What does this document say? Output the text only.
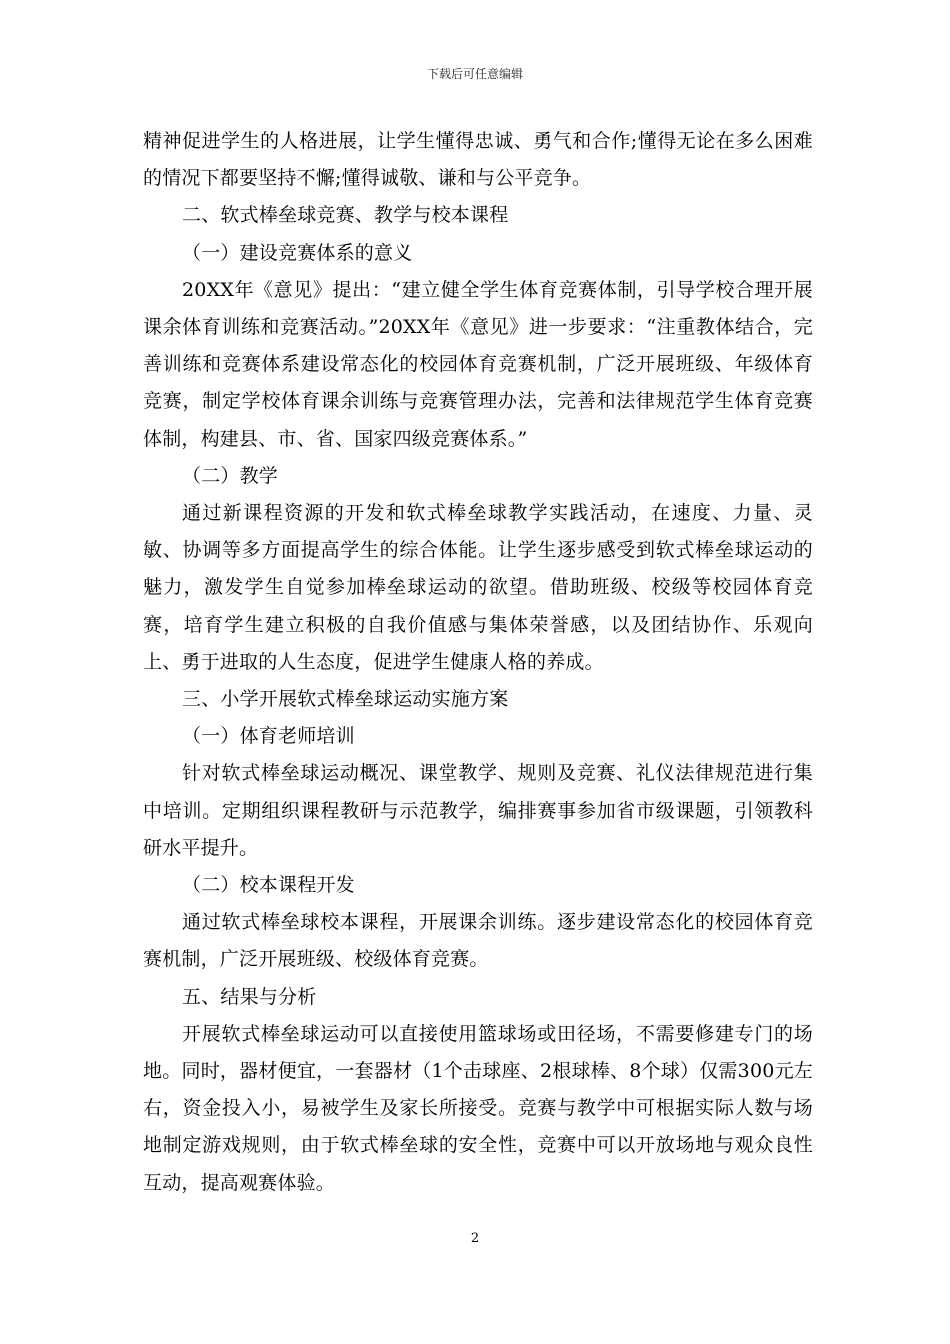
下载后可任意编辑

精神促进学生的人格进展，让学生懂得忠诚、勇气和合作;懂得无论在多么困难的情况下都要坚持不懈;懂得诚敬、谦和与公平竞争。

二、软式棒垒球竞赛、教学与校本课程

（一）建设竞赛体系的意义

20XX年《意见》提出：“建立健全学生体育竞赛体制，引导学校合理开展课余体育训练和竞赛活动。”20XX年《意见》进一步要求：“注重教体结合，完善训练和竞赛体系建设常态化的校园体育竞赛机制，广泛开展班级、年级体育竞赛，制定学校体育课余训练与竞赛管理办法，完善和法律规范学生体育竞赛体制，构建县、市、省、国家四级竞赛体系。”

（二）教学

通过新课程资源的开发和软式棒垒球教学实践活动，在速度、力量、灵敏、协调等多方面提高学生的综合体能。让学生逐步感受到软式棒垒球运动的魅力，激发学生自觉参加棒垒球运动的欲望。借助班级、校级等校园体育竞赛，培育学生建立积极的自我价值感与集体荣誉感，以及团结协作、乐观向上、勇于进取的人生态度，促进学生健康人格的养成。

三、小学开展软式棒垒球运动实施方案

（一）体育老师培训

针对软式棒垒球运动概况、课堂教学、规则及竞赛、礼仪法律规范进行集中培训。定期组织课程教研与示范教学，编排赛事参加省市级课题，引领教科研水平提升。

（二）校本课程开发

通过软式棒垒球校本课程，开展课余训练。逐步建设常态化的校园体育竞赛机制，广泛开展班级、校级体育竞赛。

五、结果与分析

开展软式棒垒球运动可以直接使用篮球场或田径场，不需要修建专门的场地。同时，器材便宜，一套器材（1个击球座、2根球棒、8个球）仅需300元左右，资金投入小，易被学生及家长所接受。竞赛与教学中可根据实际人数与场地制定游戏规则，由于软式棒垒球的安全性，竞赛中可以开放场地与观众良性互动，提高观赛体验。

2
